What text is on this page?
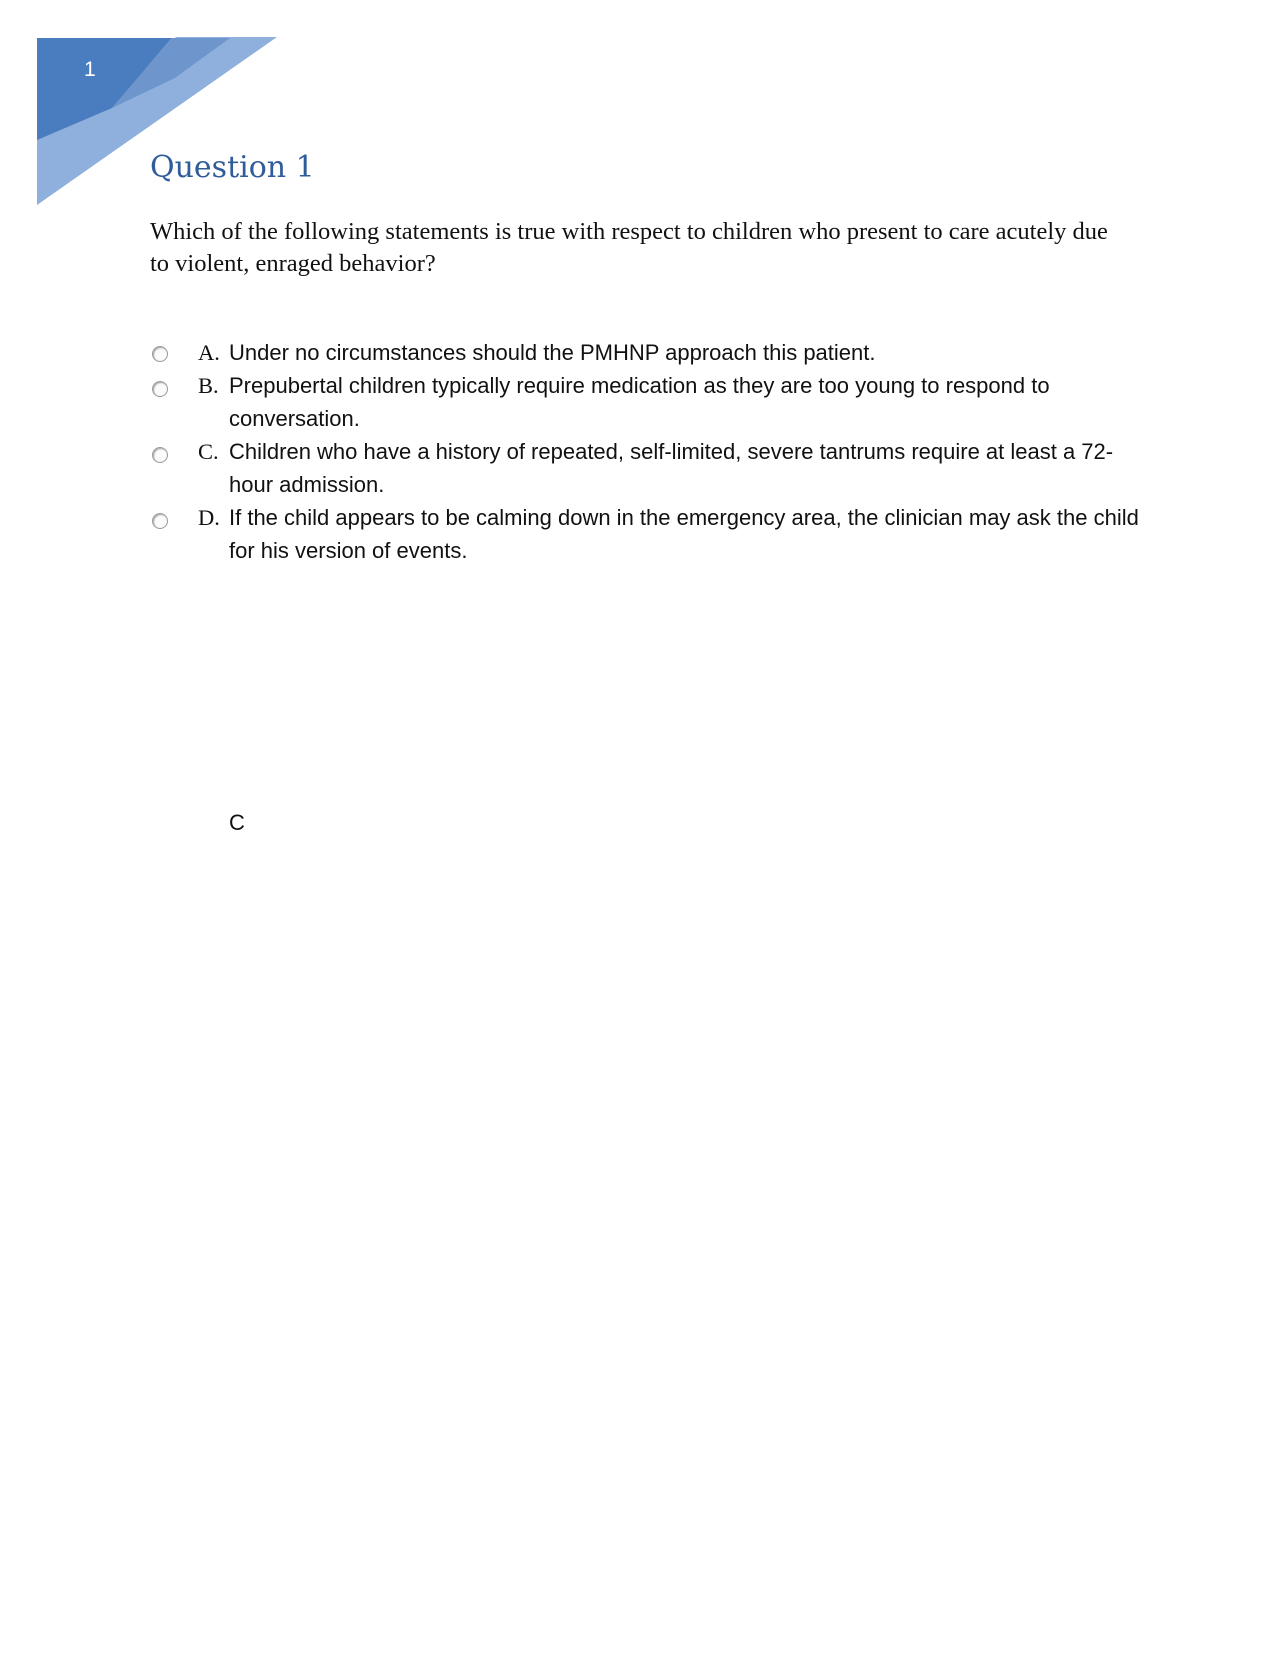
1
Question 1

Which of the following statements is true with respect to children who present to care acutely due to violent, enraged behavior?

A. Under no circumstances should the PMHNP approach this patient.
B. Prepubertal children typically require medication as they are too young to respond to conversation.
C. Children who have a history of repeated, self-limited, severe tantrums require at least a 72-hour admission.
D. If the child appears to be calming down in the emergency area, the clinician may ask the child for his version of events.
C
